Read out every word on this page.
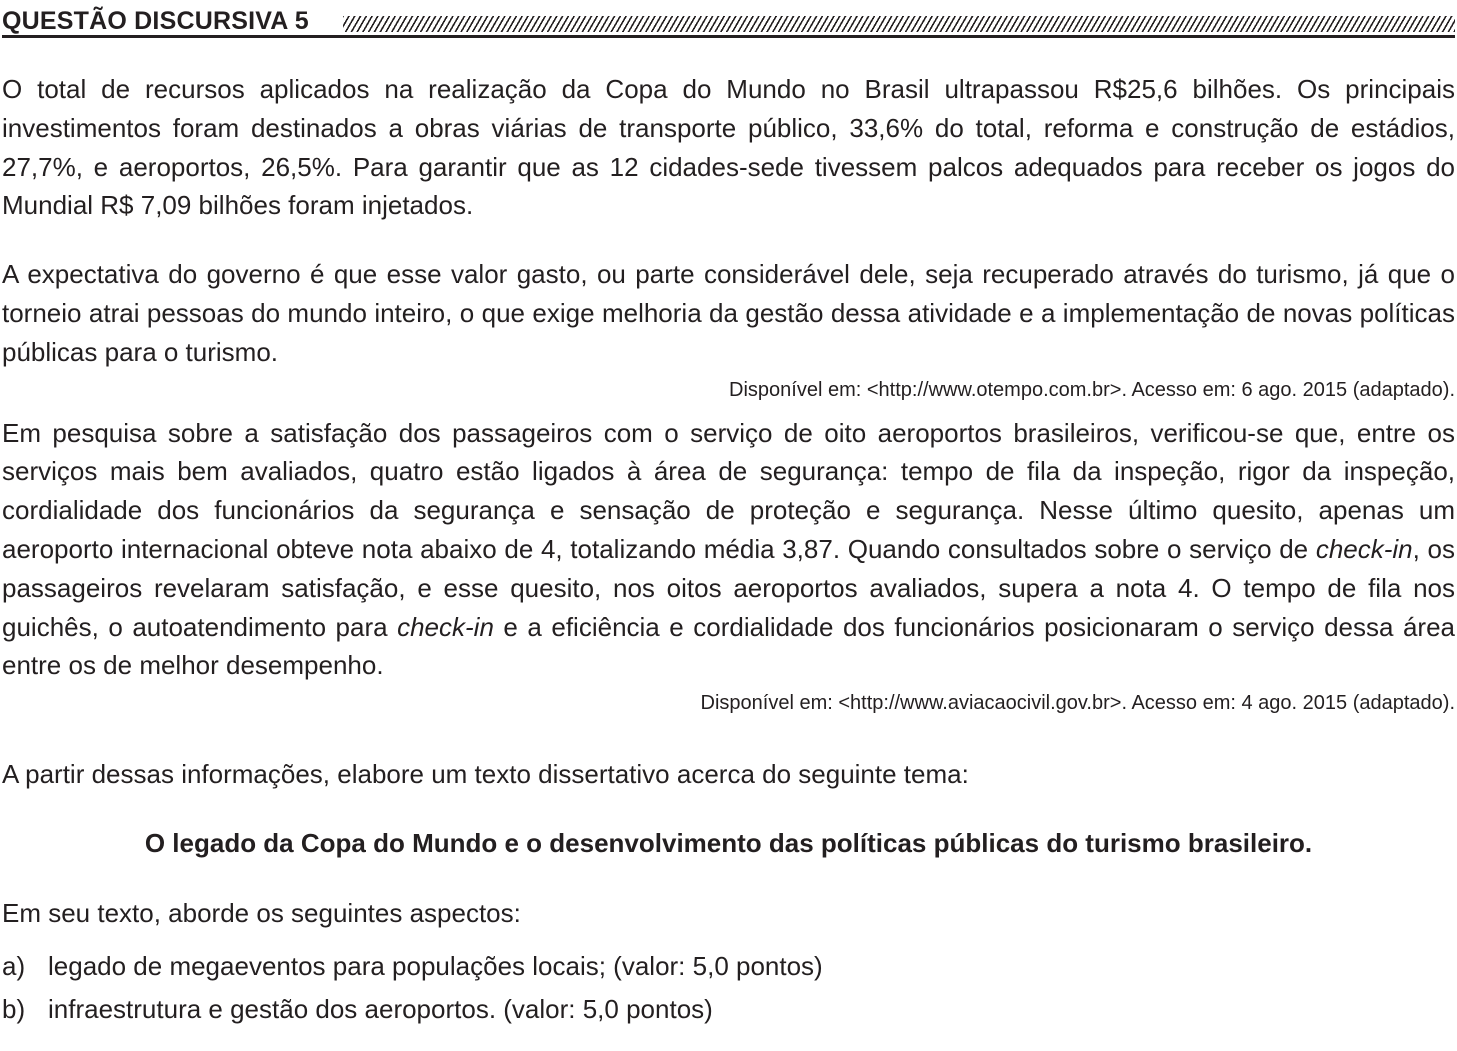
QUESTÃO DISCURSIVA 5

O total de recursos aplicados na realização da Copa do Mundo no Brasil ultrapassou R$25,6 bilhões. Os principais investimentos foram destinados a obras viárias de transporte público, 33,6% do total, reforma e construção de estádios, 27,7%, e aeroportos, 26,5%. Para garantir que as 12 cidades-sede tivessem palcos adequados para receber os jogos do Mundial R$ 7,09 bilhões foram injetados.

A expectativa do governo é que esse valor gasto, ou parte considerável dele, seja recuperado através do turismo, já que o torneio atrai pessoas do mundo inteiro, o que exige melhoria da gestão dessa atividade e a implementação de novas políticas públicas para o turismo.

Disponível em: <http://www.otempo.com.br>. Acesso em: 6 ago. 2015 (adaptado).

Em pesquisa sobre a satisfação dos passageiros com o serviço de oito aeroportos brasileiros, verificou-se que, entre os serviços mais bem avaliados, quatro estão ligados à área de segurança: tempo de fila da inspeção, rigor da inspeção, cordialidade dos funcionários da segurança e sensação de proteção e segurança. Nesse último quesito, apenas um aeroporto internacional obteve nota abaixo de 4, totalizando média 3,87. Quando consultados sobre o serviço de check-in, os passageiros revelaram satisfação, e esse quesito, nos oitos aeroportos avaliados, supera a nota 4. O tempo de fila nos guichês, o autoatendimento para check-in e a eficiência e cordialidade dos funcionários posicionaram o serviço dessa área entre os de melhor desempenho.

Disponível em: <http://www.aviacaocivil.gov.br>. Acesso em: 4 ago. 2015 (adaptado).

A partir dessas informações, elabore um texto dissertativo acerca do seguinte tema:

O legado da Copa do Mundo e o desenvolvimento das políticas públicas do turismo brasileiro.

Em seu texto, aborde os seguintes aspectos:

a) legado de megaeventos para populações locais; (valor: 5,0 pontos)
b) infraestrutura e gestão dos aeroportos. (valor: 5,0 pontos)
